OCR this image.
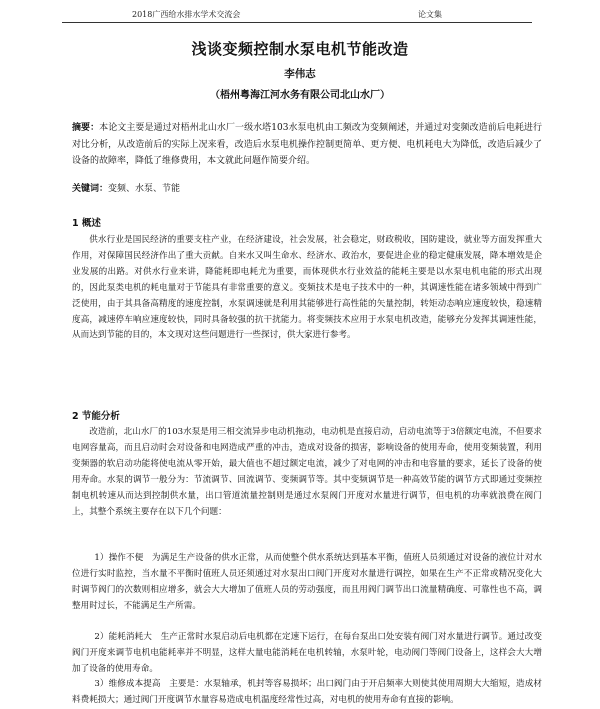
2018广西给水排水学术交流会	论文集
浅谈变频控制水泵电机节能改造
李伟志
（梧州粤海江河水务有限公司北山水厂）
摘要：本论文主要是通过对梧州北山水厂一级水塔103水泵电机由工频改为变频阐述，并通过对变频改造前后电耗进行对比分析，从改造前后的实际上况来看，改造后水泵电机操作控制更简单、更方便、电机耗电大为降低，改造后减少了设备的故障率，降低了维修费用，本文就此问题作简要介绍。
关键词：变频、水泵、节能
1 概述
供水行业是国民经济的重要支柱产业，在经济建设，社会发展，社会稳定，财政税收，国防建设，就业等方面发挥重大作用，对保障国民经济作出了重大贡献。自来水又叫生命水、经济水、政治水，要促进企业的稳定健康发展，降本增效是企业发展的出路。对供水行业来讲，降能耗即电耗尤为重要，而体现供水行业效益的能耗主要是以水泵电机电能的形式出现的，因此泵类电机的耗电量对于节能具有非常重要的意义。变频技术是电子技术中的一种，其调速性能在诸多领域中得到广泛使用，由于其具备高精度的速度控制，水泵调速就是利用其能够进行高性能的矢量控制，转矩动态响应速度较快，稳速精度高，减速停车响应速度较快，同时具备较强的抗干扰能力。将变频技术应用于水泵电机改造，能够充分发挥其调速性能，从而达到节能的目的，本文现对这些问题进行一些探讨，供大家进行参考。
2 节能分析
改造前，北山水厂的103水泵是用三相交流异步电动机拖动，电动机是直接启动，启动电流等于3倍额定电流，不但要求电网容量高，而且启动时会对设备和电网造成严重的冲击，造成对设备的损害，影响设备的使用寿命，使用变频装置，利用变频器的软启动功能将使电流从零开始，最大值也不超过额定电流，减少了对电网的冲击和电容量的要求，延长了设备的使用寿命。水泵的调节一般分为：节流调节、回流调节、变频调节等。其中变频调节是一种高效节能的调节方式即通过变频控制电机转速从而达到控制供水量，出口管道流量控制则是通过水泵阀门开度对水量进行调节，但电机的功率就浪费在阀门上，其整个系统主要存在以下几个问题：
1）操作不便　为满足生产设备的供水正常，从而使整个供水系统达到基本平衡，值班人员须通过对设备的液位计对水位进行实时监控，当水量不平衡时值班人员还须通过对水泵出口阀门开度对水量进行调控，如果在生产不正常或精况变化大时调节阀门的次数则相应增多，就会大大增加了值班人员的劳动强度，而且用阀门调节出口流量精确度、可靠性也不高，调整用时过长，不能满足生产所需。
2）能耗消耗大　生产正常时水泵启动后电机都在定速下运行，在每台泵出口处安装有阀门对水量进行调节。通过改变阀门开度来调节电机电能耗率并不明显，这样大量电能消耗在电机转轴，水泵叶轮，电动阀门等阀门设备上，这样会大大增加了设备的使用寿命。
3）维修成本提高　主要是：水泵轴承，机封等容易损坏；出口阀门由于开启频率大则使其使用周期大大缩短，造成材料费耗损大；通过阀门开度调节水量容易造成电机温度经常性过高，对电机的使用寿命有直接的影响。
